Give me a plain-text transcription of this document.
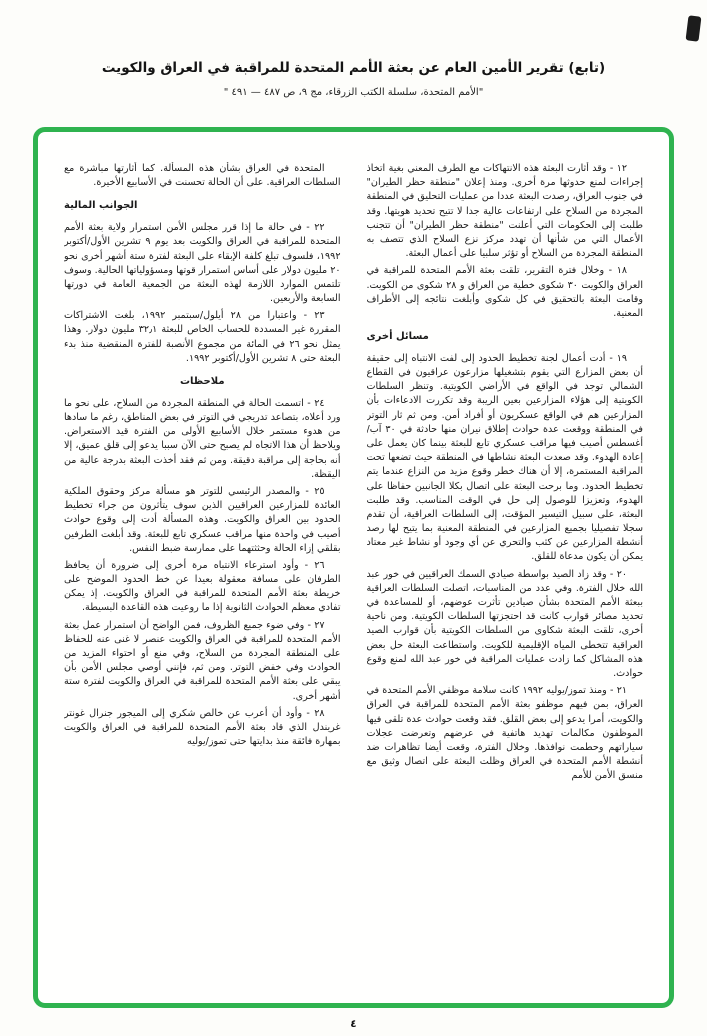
(تابع) تقرير الأمين العام عن بعثة الأمم المتحدة للمراقبة في العراق والكويت
"الأمم المتحدة، سلسلة الكتب الزرقاء، مج ٩، ص ٤٨٧ — ٤٩١ "
١٢ - وقد أثارت البعثة هذه الانتهاكات مع الطرف المعني بغية اتخاذ إجراءات لمنع حدوثها مرة أخرى. ومنذ إعلان "منطقة حظر الطيران" في جنوب العراق، رصدت البعثة عددا من عمليات التحليق في المنطقة المجردة من السلاح على ارتفاعات عالية جدا لا تتيح تحديد هويتها. وقد طلبت إلى الحكومات التي أعلنت "منطقة حظر الطيران" أن تتجنب الأعمال التي من شأنها أن تهدد مركز نزع السلاح الذي تتصف به المنطقة المجردة من السلاح أو تؤثر سلبيا على أعمال البعثة.
١٨ - وخلال فترة التقرير، تلقت بعثة الأمم المتحدة للمراقبة في العراق والكويت ٣٠ شكوى خطية من العراق و ٢٨ شكوى من الكويت. وقامت البعثة بالتحقيق في كل شكوى وأبلغت نتائجه إلى الأطراف المعنية.
مسائل أخرى
١٩ - أدت أعمال لجنة تخطيط الحدود إلى لفت الانتباه إلى حقيقة أن بعض المزارع التي يقوم بتشغيلها مزارعون عراقيون في القطاع الشمالي توجد في الواقع في الأراضي الكويتية. وتنظر السلطات الكويتية إلى هؤلاء المزارعين بعين الريبة وقد تكررت الادعاءات بأن المزارعين هم في الواقع عسكريون أو أفراد أمن. ومن ثم ثار التوتر في المنطقة ووقعت عدة حوادث إطلاق نيران منها حادثة في ٣٠ آب/أغسطس أصيب فيها مراقب عسكري تابع للبعثة بينما كان يعمل على إعادة الهدوء. وقد صعدت البعثة نشاطها في المنطقة حيث تضعها تحت المراقبة المستمرة، إلا أن هناك خطر وقوع مزيد من النزاع عندما يتم تخطيط الحدود. وما برحت البعثة على اتصال بكلا الجانبين حفاظا على الهدوء، وتعزيزا للوصول إلى حل في الوقت المناسب. وقد طلبت البعثة، على سبيل التيسير المؤقت، إلى السلطات العراقية، أن تقدم سجلا تفصيليا بجميع المزارعين في المنطقة المعنية بما يتيح لها رصد أنشطة المزارعين عن كثب والتحري عن أي وجود أو نشاط غير معتاد يمكن أن يكون مدعاة للقلق.
٢٠ - وقد زاد الصيد بواسطة صيادي السمك العراقيين في خور عبد الله خلال الفترة. وفي عدد من المناسبات، اتصلت السلطات العراقية ببعثة الأمم المتحدة بشأن صيادين تأثرت عوضهم، أو للمساعدة في تحديد مصائر قوارب كانت قد احتجزتها السلطات الكويتية. ومن ناحية أخرى، تلقت البعثة شكاوى من السلطات الكويتية بأن قوارب الصيد العراقية تتخطى المياه الإقليمية للكويت. واستطاعت البعثة حل بعض هذه المشاكل كما زادت عمليات المراقبة في خور عبد الله لمنع وقوع حوادث.
٢١ - ومنذ تموز/يوليه ١٩٩٢ كانت سلامة موظفي الأمم المتحدة في العراق، بمن فيهم موظفو بعثة الأمم المتحدة للمراقبة في العراق والكويت، أمرا يدعو إلى بعض القلق. فقد وقعت حوادث عدة تلقى فيها الموظفون مكالمات تهديد هاتفية في عرضهم وتعرضت عجلات سياراتهم وحطمت نوافذها. وخلال الفترة، وقعت أيضا تظاهرات ضد أنشطة الأمم المتحدة في العراق وظلت البعثة على اتصال وثيق مع منسق الأمن للأمم
المتحدة في العراق بشأن هذه المسألة. كما أثارتها مباشرة مع السلطات العراقية. على أن الحالة تحسنت في الأسابيع الأخيرة.
الجوانب المالية
٢٢ - في حالة ما إذا قرر مجلس الأمن استمرار ولاية بعثة الأمم المتحدة للمراقبة في العراق والكويت بعد يوم ٩ تشرين الأول/أكتوبر ١٩٩٢، فلسوف تبلغ كلفة الإبقاء على البعثة لفترة ستة أشهر أخرى نحو ٢٠ مليون دولار على أساس استمرار قوتها ومسؤولياتها الحالية. وسوف تلتمس الموارد اللازمة لهذه البعثة من الجمعية العامة في دورتها السابعة والأربعين.
٢٣ - واعتبارا من ٢٨ أيلول/سبتمبر ١٩٩٢، بلغت الاشتراكات المقررة غير المسددة للحساب الخاص للبعثة ٣٢٫١ مليون دولار. وهذا يمثل نحو ٢٦ في المائة من مجموع الأنصبة للفترة المنقضية منذ بدء البعثة حتى ٨ تشرين الأول/أكتوبر ١٩٩٢.
ملاحظات
٢٤ - اتسمت الحالة في المنطقة المجردة من السلاح، على نحو ما ورد أعلاه، بتصاعد تدريجي في التوتر في بعض المناطق، رغم ما سادها من هدوء مستمر خلال الأسابيع الأولى من الفترة قيد الاستعراض. ويلاحظ أن هذا الاتجاه لم يصبح حتى الآن سببا يدعو إلى قلق عميق، إلا أنه بحاجة إلى مراقبة دقيقة. ومن ثم فقد أخذت البعثة بدرجة عالية من اليقظة.
٢٥ - والمصدر الرئيسي للتوتر هو مسألة مركز وحقوق الملكية العائدة للمزارعين العراقيين الذين سوف يتأثرون من جراء تخطيط الحدود بين العراق والكويت. وهذه المسألة أدت إلى وقوع حوادث أصيب في واحدة منها مراقب عسكري تابع للبعثة. وقد أبلغت الطرفين بقلقي إزاء الحالة وحثثتهما على ممارسة ضبط النفس.
٢٦ - وأود استرعاء الانتباه مرة أخرى إلى ضرورة أن يحافظ الطرفان على مسافة معقولة بعيدا عن خط الحدود الموضح على خريطة بعثة الأمم المتحدة للمراقبة في العراق والكويت. إذ يمكن تفادي معظم الحوادث الثانوية إذا ما روعيت هذه القاعدة البسيطة.
٢٧ - وفي ضوء جميع الظروف، فمن الواضح أن استمرار عمل بعثة الأمم المتحدة للمراقبة في العراق والكويت عنصر لا غنى عنه للحفاظ على المنطقة المجردة من السلاح، وفي منع أو احتواء المزيد من الحوادث وفي خفض التوتر. ومن ثم، فإنني أوصي مجلس الأمن بأن يبقي على بعثة الأمم المتحدة للمراقبة في العراق والكويت لفترة ستة أشهر أخرى.
٢٨ - وأود أن أعرب عن خالص شكري إلى الميجور جنرال غونتر غريندل الذي قاد بعثة الأمم المتحدة للمراقبة في العراق والكويت بمهارة فائقة منذ بدايتها حتى تموز/يوليه
٤
